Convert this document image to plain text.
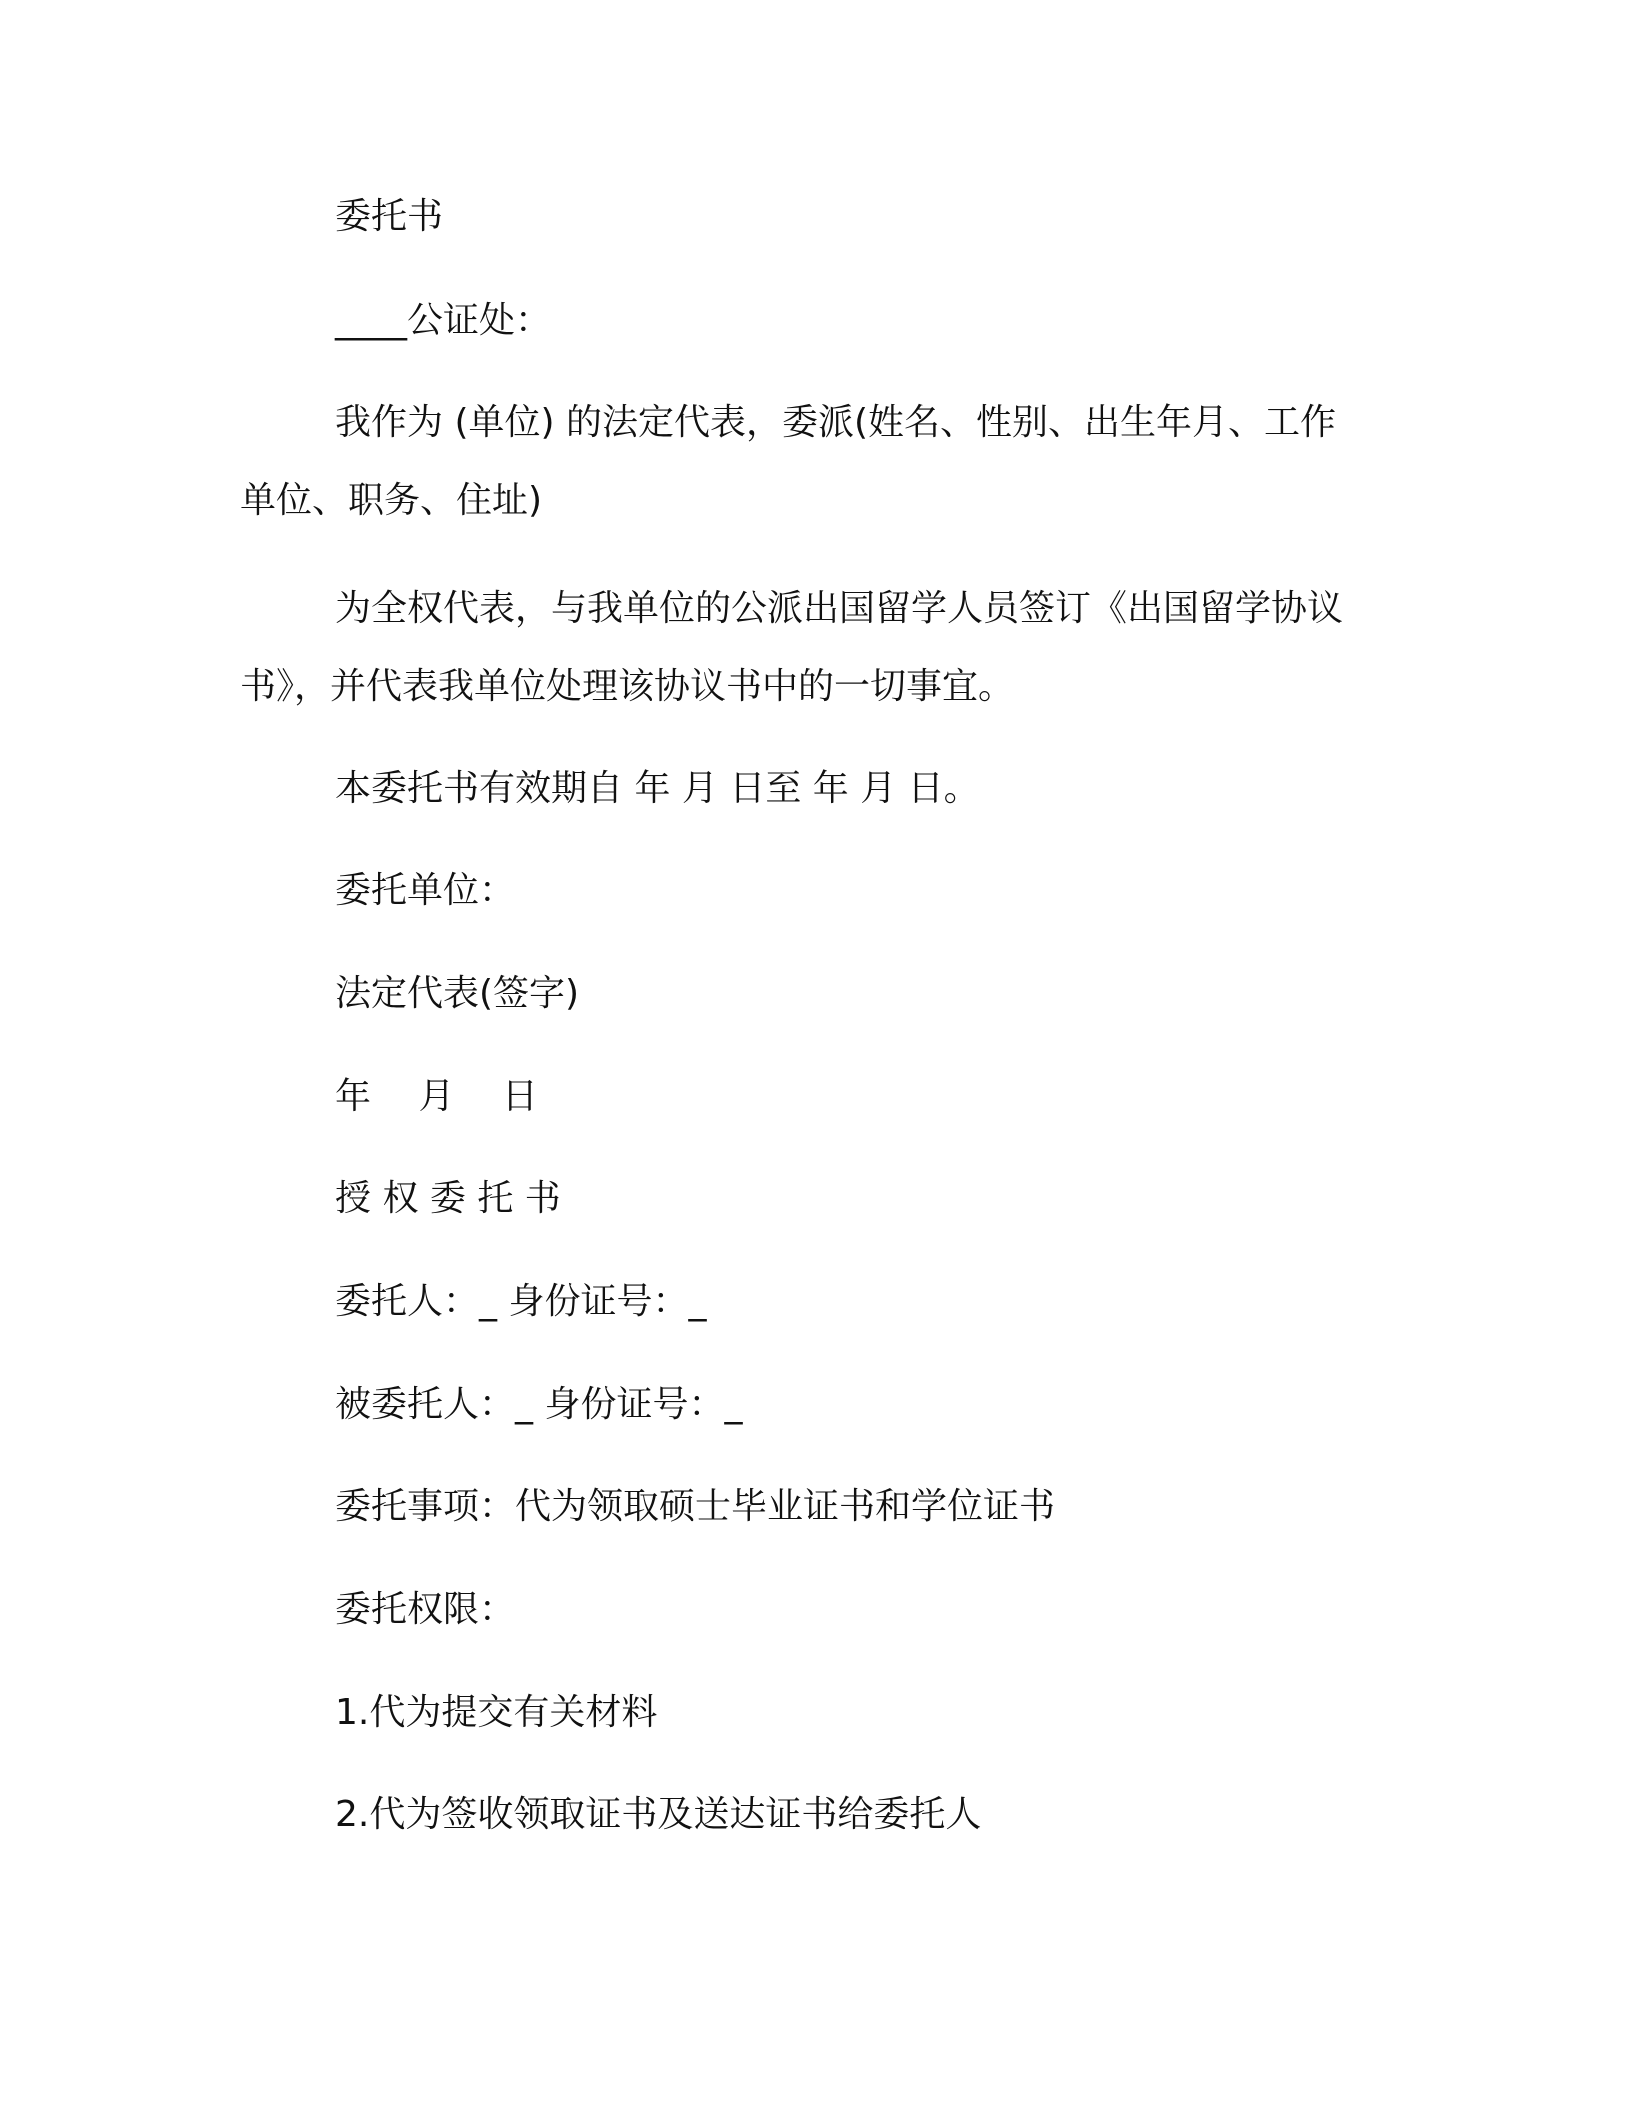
委托书

____公证处：

我作为 (单位) 的法定代表，委派(姓名、性别、出生年月、工作
单位、职务、住址)
为全权代表，与我单位的公派出国留学人员签订《出国留学协议
书》，并代表我单位处理该协议书中的一切事宜。

本委托书有效期自 年 月 日至 年 月 日。

委托单位：

法定代表(签字)

年　 月　 日

授 权 委 托 书

委托人：_ 身份证号：_

被委托人：_ 身份证号：_

委托事项：代为领取硕士毕业证书和学位证书

委托权限：

1.代为提交有关材料

2.代为签收领取证书及送达证书给委托人
